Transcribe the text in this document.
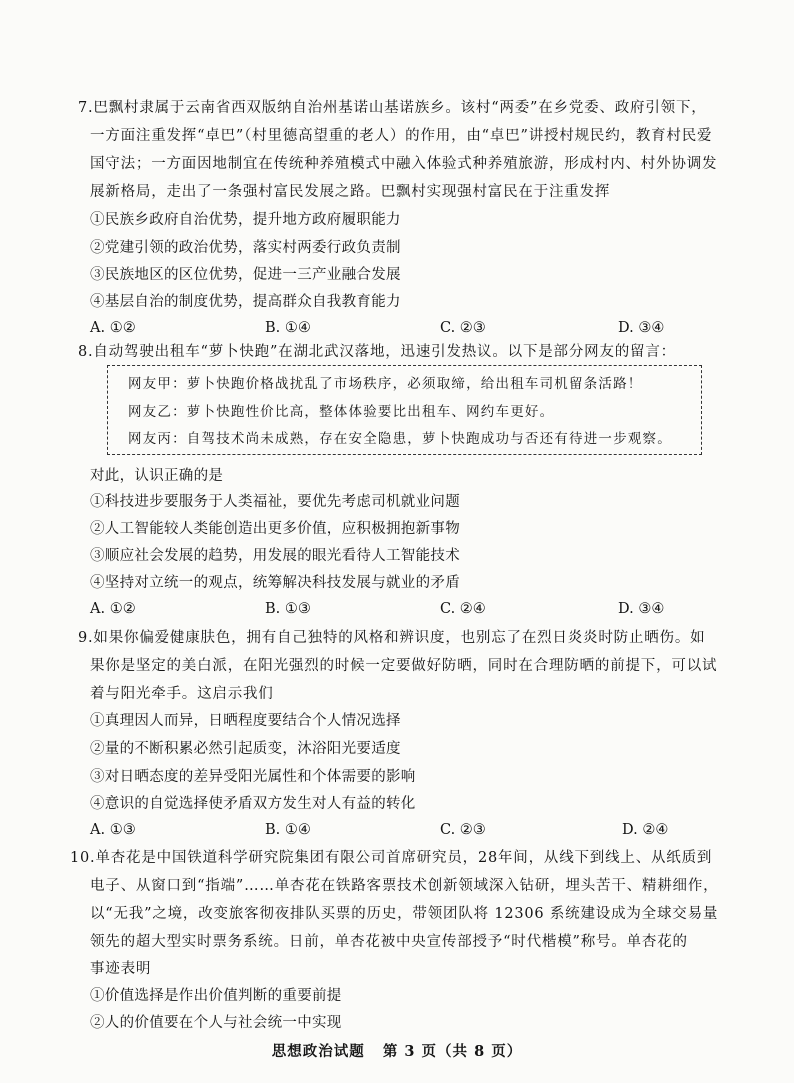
7.巴飘村隶属于云南省西双版纳自治州基诺山基诺族乡。该村“两委”在乡党委、政府引领下，
一方面注重发挥“卓巴”（村里德高望重的老人）的作用，由“卓巴”讲授村规民约，教育村民爱
国守法；一方面因地制宜在传统种养殖模式中融入体验式种养殖旅游，形成村内、村外协调发
展新格局，走出了一条强村富民发展之路。巴飘村实现强村富民在于注重发挥
①民族乡政府自治优势，提升地方政府履职能力
②党建引领的政治优势，落实村两委行政负责制
③民族地区的区位优势，促进一三产业融合发展
④基层自治的制度优势，提高群众自我教育能力
A. ①②	B. ①④	C. ②③	D. ③④
8.自动驾驶出租车“萝卜快跑”在湖北武汉落地，迅速引发热议。以下是部分网友的留言：
网友甲：萝卜快跑价格战扰乱了市场秩序，必须取缔，给出租车司机留条活路！
网友乙：萝卜快跑性价比高，整体体验要比出租车、网约车更好。
网友丙：自驾技术尚未成熟，存在安全隐患，萝卜快跑成功与否还有待进一步观察。
对此，认识正确的是
①科技进步要服务于人类福祉，要优先考虑司机就业问题
②人工智能较人类能创造出更多价值，应积极拥抱新事物
③顺应社会发展的趋势，用发展的眼光看待人工智能技术
④坚持对立统一的观点，统筹解决科技发展与就业的矛盾
A. ①②	B. ①③	C. ②④	D. ③④
9.如果你偏爱健康肤色，拥有自己独特的风格和辨识度，也别忘了在烈日炎炎时防止晒伤。如
果你是坚定的美白派，在阳光强烈的时候一定要做好防晒，同时在合理防晒的前提下，可以试
着与阳光牵手。这启示我们
①真理因人而异，日晒程度要结合个人情况选择
②量的不断积累必然引起质变，沐浴阳光要适度
③对日晒态度的差异受阳光属性和个体需要的影响
④意识的自觉选择使矛盾双方发生对人有益的转化
A. ①③	B. ①④	C. ②③	D. ②④
10.单杏花是中国铁道科学研究院集团有限公司首席研究员，28年间，从线下到线上、从纸质到
电子、从窗口到“指端”……单杏花在铁路客票技术创新领域深入钻研，埋头苦干、精耕细作，
以“无我”之境，改变旅客彻夜排队买票的历史，带领团队将 12306 系统建设成为全球交易量
领先的超大型实时票务系统。日前，单杏花被中央宣传部授予“时代楷模”称号。单杏花的
事迹表明
①价值选择是作出价值判断的重要前提
②人的价值要在个人与社会统一中实现
思想政治试题 第 3 页（共 8 页）
